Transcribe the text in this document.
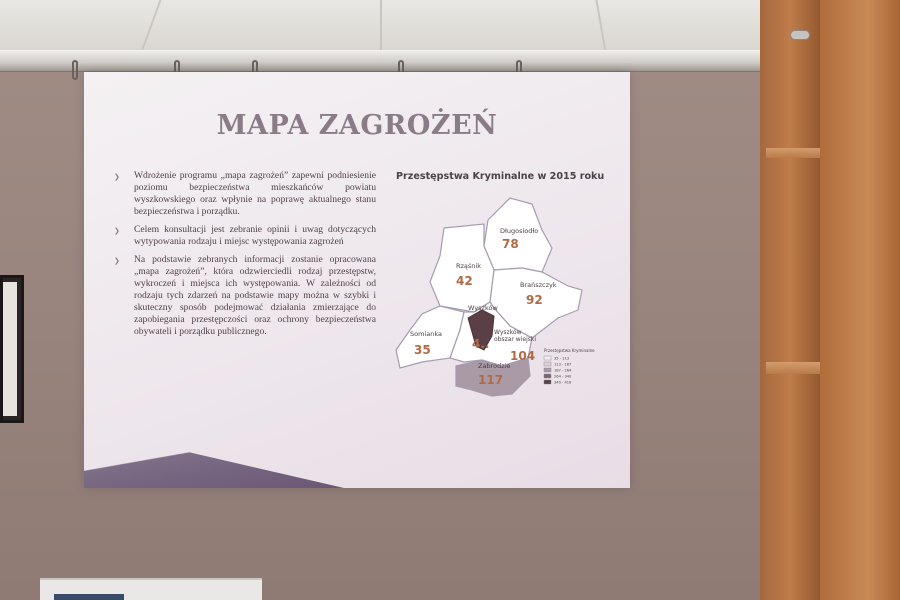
MAPA ZAGROŻEŃ
❯	Wdrożenie programu „mapa zagrożeń” zapewni podniesienie poziomu bezpieczeństwa mieszkańców powiatu wyszkowskiego oraz wpłynie na poprawę aktualnego stanu bezpieczeństwa i porządku.
❯	Celem konsultacji jest zebranie opinii i uwag dotyczących wytypowania rodzaju i miejsc występowania zagrożeń
❯	Na podstawie zebranych informacji zostanie opracowana „mapa zagrożeń”, która odzwierciedli rodzaj przestępstw, wykroczeń i miejsca ich występowania. W zależności od rodzaju tych zdarzeń na podstawie mapy można w szybki i skuteczny sposób podejmować działania zmierzające do zapobiegania przestępczości oraz ochrony bezpieczeństwa obywateli i porządku publicznego.
Przestępstwa Kryminalne w 2015 roku
Długosiodło
Rząśnik
Brańszczyk
Wyszków
Somianka	Wyszków obszar wiejski
Zabrodzie
78
42
92
4..
35	104
117
Przestępstwa Kryminalne
35 - 113
113 - 187
187 - 264
264 - 340
340 - 416
